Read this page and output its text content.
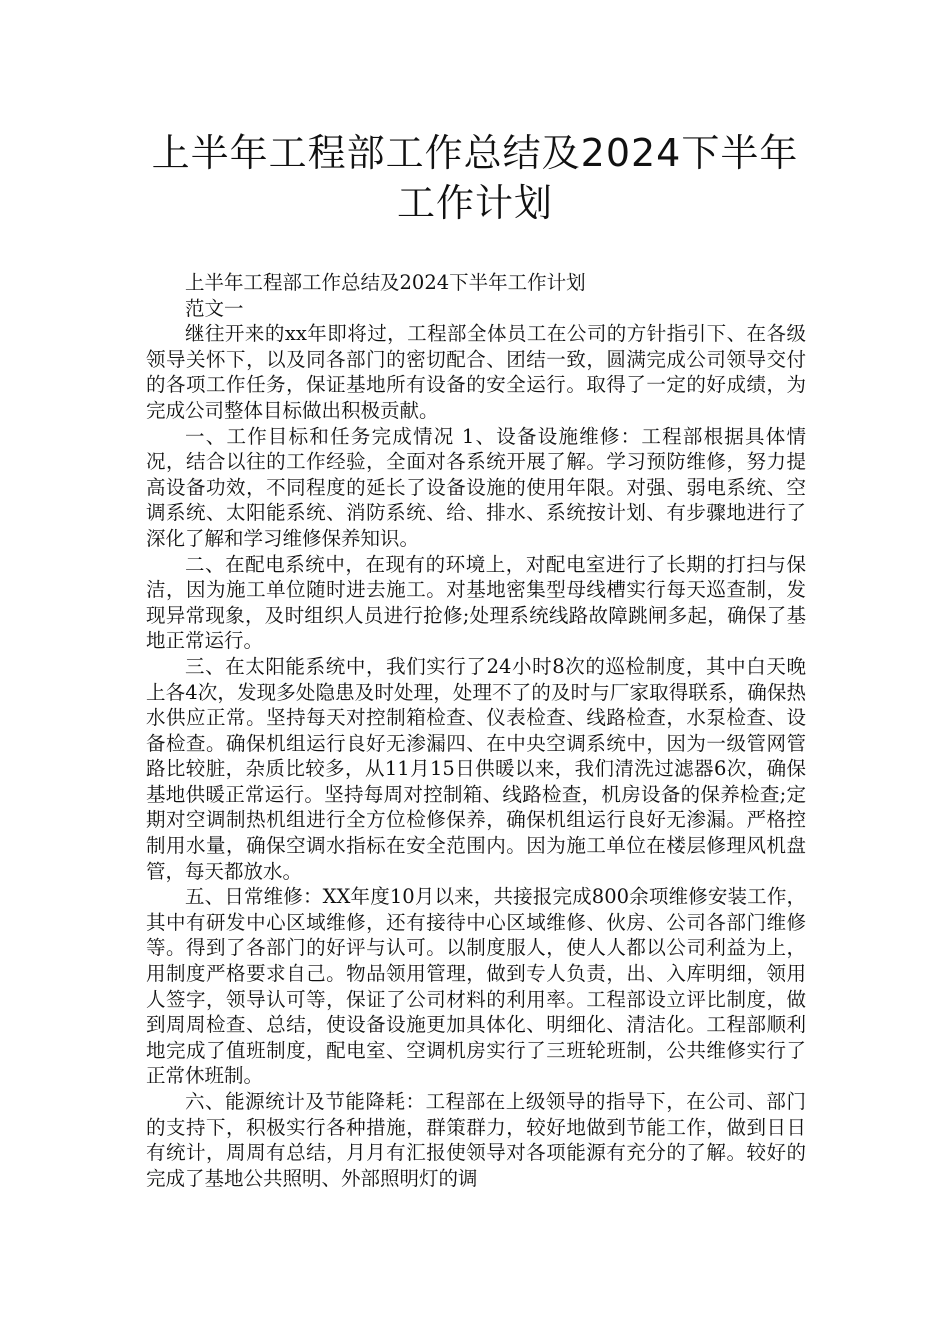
上半年工程部工作总结及2024下半年
工作计划

上半年工程部工作总结及2024下半年工作计划

范文一

继往开来的xx年即将过，工程部全体员工在公司的方针指引下、在各级领导关怀下，以及同各部门的密切配合、团结一致，圆满完成公司领导交付的各项工作任务，保证基地所有设备的安全运行。取得了一定的好成绩，为完成公司整体目标做出积极贡献。

一、工作目标和任务完成情况 1、设备设施维修：工程部根据具体情况，结合以往的工作经验，全面对各系统开展了解。学习预防维修，努力提高设备功效，不同程度的延长了设备设施的使用年限。对强、弱电系统、空调系统、太阳能系统、消防系统、给、排水、系统按计划、有步骤地进行了深化了解和学习维修保养知识。

二、在配电系统中，在现有的环境上，对配电室进行了长期的打扫与保洁，因为施工单位随时进去施工。对基地密集型母线槽实行每天巡查制，发现异常现象，及时组织人员进行抢修;处理系统线路故障跳闸多起，确保了基地正常运行。

三、在太阳能系统中，我们实行了24小时8次的巡检制度，其中白天晚上各4次，发现多处隐患及时处理，处理不了的及时与厂家取得联系，确保热水供应正常。坚持每天对控制箱检查、仪表检查、线路检查，水泵检查、设备检查。确保机组运行良好无渗漏四、在中央空调系统中，因为一级管网管路比较脏，杂质比较多，从11月15日供暖以来，我们清洗过滤器6次，确保基地供暖正常运行。坚持每周对控制箱、线路检查，机房设备的保养检查;定期对空调制热机组进行全方位检修保养，确保机组运行良好无渗漏。严格控制用水量，确保空调水指标在安全范围内。因为施工单位在楼层修理风机盘管，每天都放水。

五、日常维修：XX年度10月以来，共接报完成800余项维修安装工作，其中有研发中心区域维修，还有接待中心区域维修、伙房、公司各部门维修等。得到了各部门的好评与认可。以制度服人，使人人都以公司利益为上，用制度严格要求自己。物品领用管理，做到专人负责，出、入库明细，领用人签字，领导认可等，保证了公司材料的利用率。工程部设立评比制度，做到周周检查、总结，使设备设施更加具体化、明细化、清洁化。工程部顺利地完成了值班制度，配电室、空调机房实行了三班轮班制，公共维修实行了正常休班制。

六、能源统计及节能降耗：工程部在上级领导的指导下，在公司、部门的支持下，积极实行各种措施，群策群力，较好地做到节能工作，做到日日有统计，周周有总结，月月有汇报使领导对各项能源有充分的了解。较好的完成了基地公共照明、外部照明灯的调
